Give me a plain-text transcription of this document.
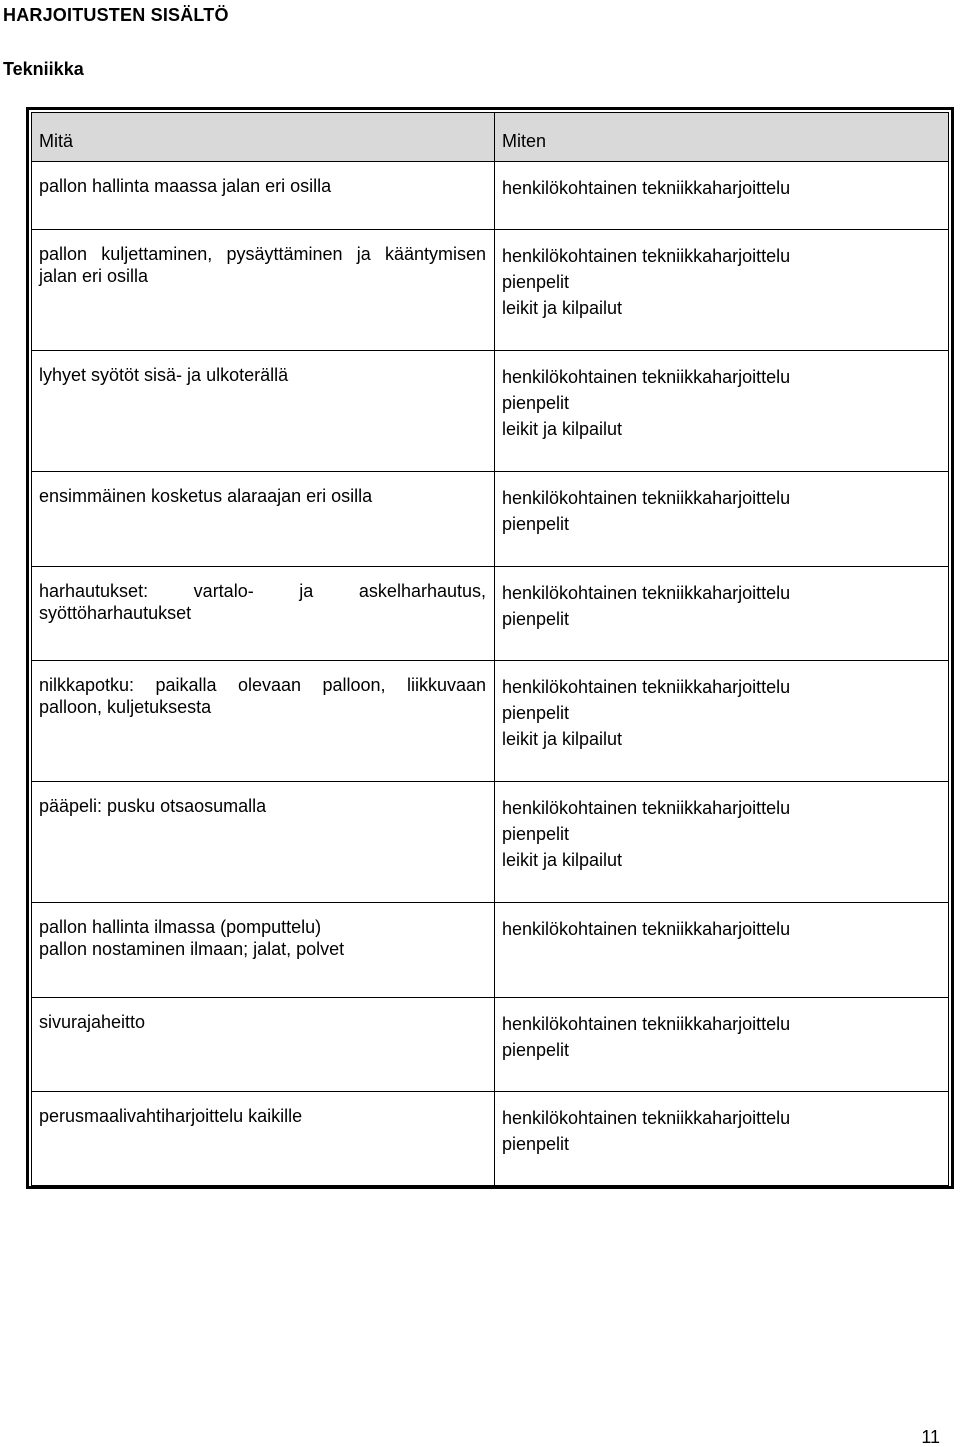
HARJOITUSTEN SISÄLTÖ
Tekniikka
Mitä	Miten

pallon hallinta maassa jalan eri osilla	henkilökohtainen tekniikkaharjoittelu

pallon kuljettaminen, pysäyttäminen ja kääntymisen jalan eri osilla	henkilökohtainen tekniikkaharjoittelu
pienpelit
leikit ja kilpailut

lyhyet syötöt sisä- ja ulkoterällä	henkilökohtainen tekniikkaharjoittelu
pienpelit
leikit ja kilpailut

ensimmäinen kosketus alaraajan eri osilla	henkilökohtainen tekniikkaharjoittelu
pienpelit

harhautukset: vartalo- ja askelharhautus, syöttöharhautukset	henkilökohtainen tekniikkaharjoittelu
pienpelit

nilkkapotku: paikalla olevaan palloon, liikkuvaan palloon, kuljetuksesta	henkilökohtainen tekniikkaharjoittelu
pienpelit
leikit ja kilpailut

pääpeli: pusku otsaosumalla	henkilökohtainen tekniikkaharjoittelu
pienpelit
leikit ja kilpailut

pallon hallinta ilmassa (pomputtelu)
pallon nostaminen ilmaan; jalat, polvet	henkilökohtainen tekniikkaharjoittelu

sivurajaheitto	henkilökohtainen tekniikkaharjoittelu
pienpelit

perusmaalivahtiharjoittelu kaikille	henkilökohtainen tekniikkaharjoittelu
pienpelit
11
